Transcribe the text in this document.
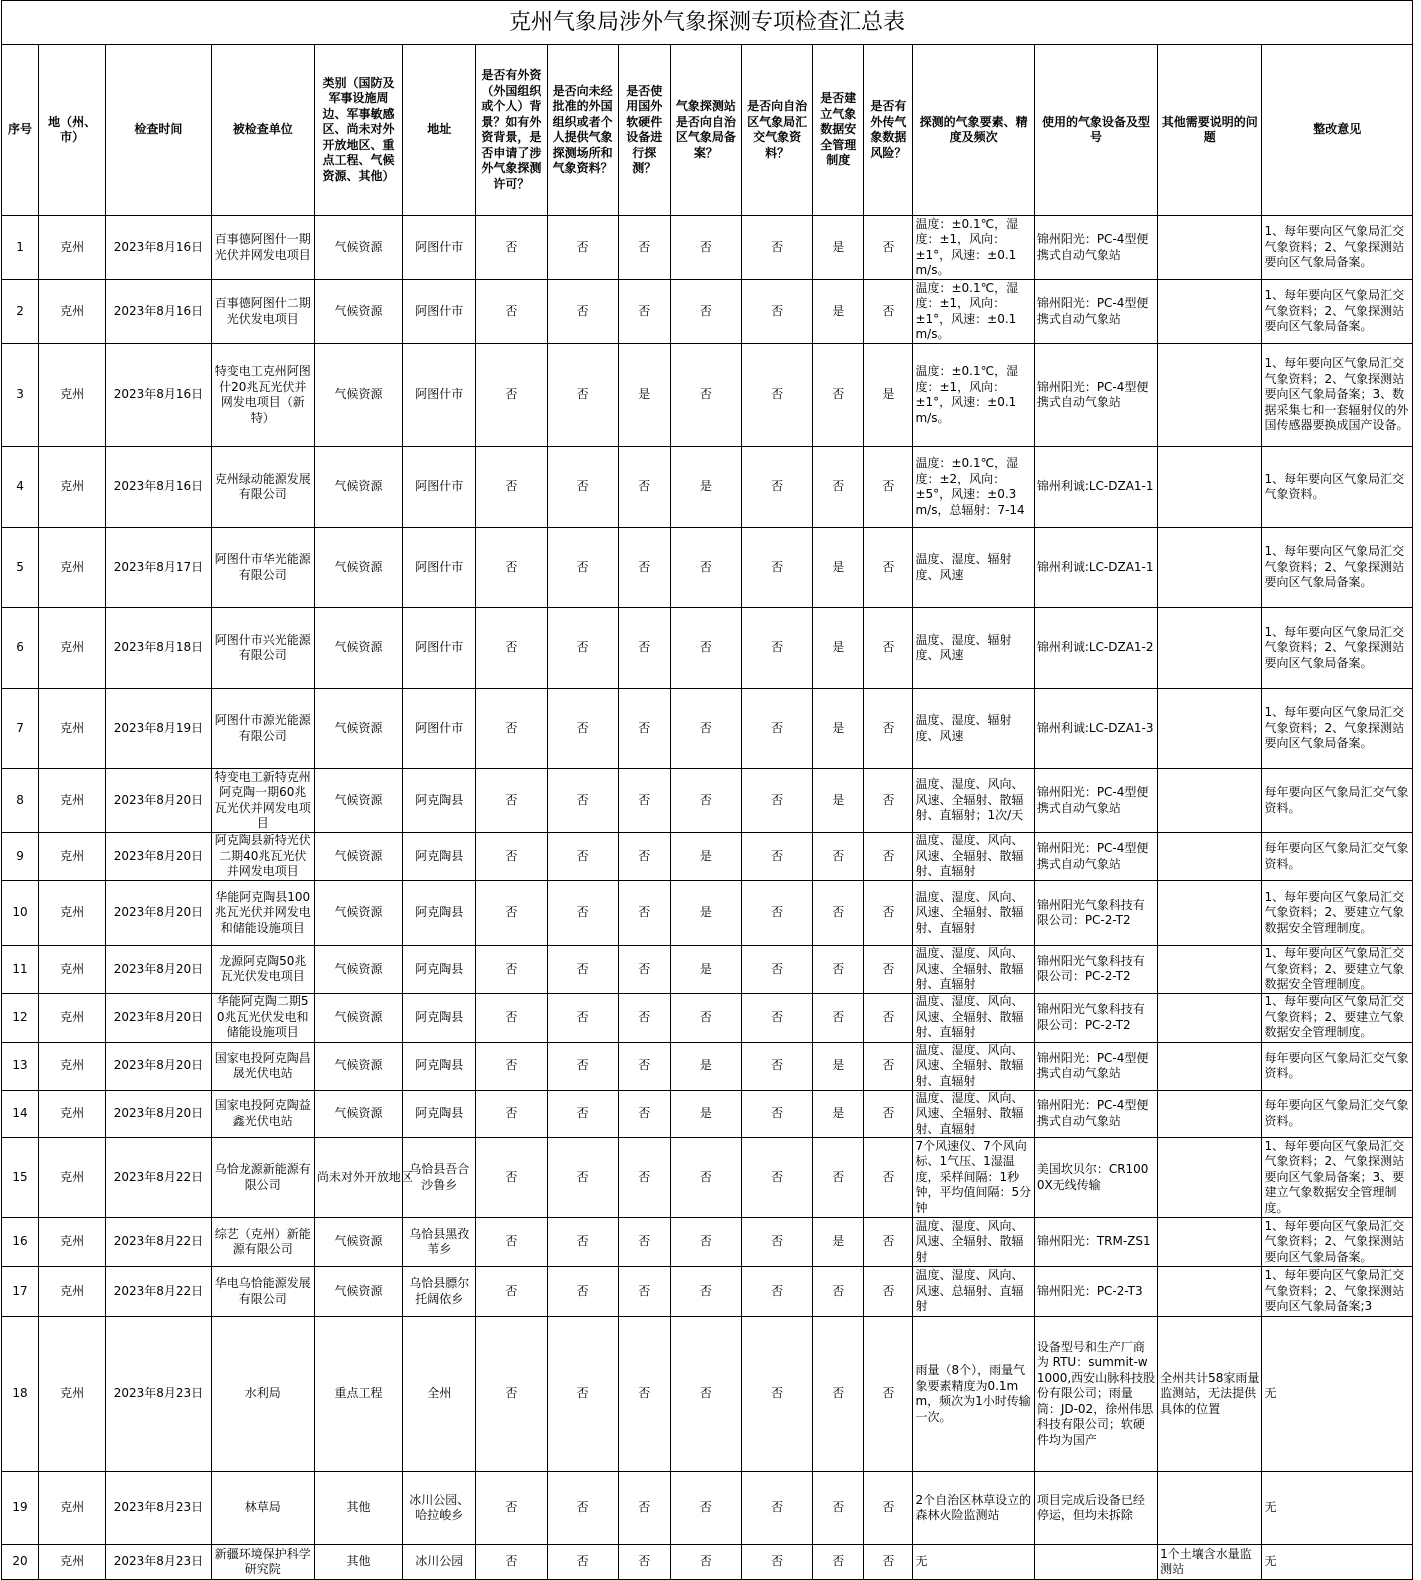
克州气象局涉外气象探测专项检查汇总表
序号	地（州、市）	检查时间	被检查单位	类别（国防及军事设施周边、军事敏感区、尚未对外开放地区、重点工程、气候资源、其他）	地址	是否有外资（外国组织或个人）背景？如有外资背景，是否申请了涉外气象探测许可？	是否向未经批准的外国组织或者个人提供气象探测场所和气象资料？	是否使用国外软硬件设备进行探测？	气象探测站是否向自治区气象局备案？	是否向自治区气象局汇交气象资料？	是否建立气象数据安全管理制度	是否有外传气象数据风险？	探测的气象要素、精度及频次	使用的气象设备及型号	其他需要说明的问题	整改意见
1	克州	2023年8月16日	百事德阿图什一期光伏并网发电项目	气候资源	阿图什市	否	否	否	否	否	是	否	温度：±0.1℃，湿度：±1，风向：±1°，风速：±0.1m/s。	锦州阳光：PC-4型便携式自动气象站		1、每年要向区气象局汇交气象资料；2、气象探测站要向区气象局备案。
2	克州	2023年8月16日	百事德阿图什二期光伏发电项目	气候资源	阿图什市	否	否	否	否	否	是	否	温度：±0.1℃，湿度：±1，风向：±1°，风速：±0.1m/s。	锦州阳光：PC-4型便携式自动气象站		1、每年要向区气象局汇交气象资料；2、气象探测站要向区气象局备案。
3	克州	2023年8月16日	特变电工克州阿图什20兆瓦光伏并网发电项目（新特）	气候资源	阿图什市	否	否	是	否	否	否	是	温度：±0.1℃，湿度：±1，风向：±1°，风速：±0.1m/s。	锦州阳光：PC-4型便携式自动气象站		1、每年要向区气象局汇交气象资料；2、气象探测站要向区气象局备案；3、数据采集七和一套辐射仪的外国传感器要换成国产设备。
4	克州	2023年8月16日	克州绿动能源发展有限公司	气候资源	阿图什市	否	否	否	是	否	否	否	温度：±0.1℃，湿度：±2，风向：±5°，风速：±0.3m/s，总辐射：7-14	锦州利诚:LC-DZA1-1		1、每年要向区气象局汇交气象资料。
5	克州	2023年8月17日	阿图什市华光能源有限公司	气候资源	阿图什市	否	否	否	否	否	是	否	温度、湿度、辐射度、风速	锦州利诚:LC-DZA1-1		1、每年要向区气象局汇交气象资料；2、气象探测站要向区气象局备案。
6	克州	2023年8月18日	阿图什市兴光能源有限公司	气候资源	阿图什市	否	否	否	否	否	是	否	温度、湿度、辐射度、风速	锦州利诚:LC-DZA1-2		1、每年要向区气象局汇交气象资料；2、气象探测站要向区气象局备案。
7	克州	2023年8月19日	阿图什市源光能源有限公司	气候资源	阿图什市	否	否	否	否	否	是	否	温度、湿度、辐射度、风速	锦州利诚:LC-DZA1-3		1、每年要向区气象局汇交气象资料；2、气象探测站要向区气象局备案。
8	克州	2023年8月20日	特变电工新特克州阿克陶一期60兆瓦光伏并网发电项目	气候资源	阿克陶县	否	否	否	否	否	是	否	温度、湿度、风向、风速、全辐射、散辐射、直辐射；1次/天	锦州阳光：PC-4型便携式自动气象站		每年要向区气象局汇交气象资料。
9	克州	2023年8月20日	阿克陶县新特光伏二期40兆瓦光伏并网发电项目	气候资源	阿克陶县	否	否	否	是	否	否	否	温度、湿度、风向、风速、全辐射、散辐射、直辐射	锦州阳光：PC-4型便携式自动气象站		每年要向区气象局汇交气象资料。
10	克州	2023年8月20日	华能阿克陶县100兆瓦光伏并网发电和储能设施项目	气候资源	阿克陶县	否	否	否	是	否	否	否	温度、湿度、风向、风速、全辐射、散辐射、直辐射	锦州阳光气象科技有限公司：PC-2-T2		1、每年要向区气象局汇交气象资料；2、要建立气象数据安全管理制度。
11	克州	2023年8月20日	龙源阿克陶50兆瓦光伏发电项目	气候资源	阿克陶县	否	否	否	是	否	否	否	温度、湿度、风向、风速、全辐射、散辐射、直辐射	锦州阳光气象科技有限公司：PC-2-T2		1、每年要向区气象局汇交气象资料；2、要建立气象数据安全管理制度。
12	克州	2023年8月20日	华能阿克陶二期50兆瓦光伏发电和储能设施项目	气候资源	阿克陶县	否	否	否	否	否	否	否	温度、湿度、风向、风速、全辐射、散辐射、直辐射	锦州阳光气象科技有限公司：PC-2-T2		1、每年要向区气象局汇交气象资料；2、要建立气象数据安全管理制度。
13	克州	2023年8月20日	国家电投阿克陶昌晟光伏电站	气候资源	阿克陶县	否	否	否	是	否	是	否	温度、湿度、风向、风速、全辐射、散辐射、直辐射	锦州阳光：PC-4型便携式自动气象站		每年要向区气象局汇交气象资料。
14	克州	2023年8月20日	国家电投阿克陶益鑫光伏电站	气候资源	阿克陶县	否	否	否	是	否	是	否	温度、湿度、风向、风速、全辐射、散辐射、直辐射	锦州阳光：PC-4型便携式自动气象站		每年要向区气象局汇交气象资料。
15	克州	2023年8月22日	乌恰龙源新能源有限公司	尚未对外开放地区	乌恰县吾合沙鲁乡	否	否	否	否	否	否	否	7个风速仪、7个风向标、1气压、1湿温度，采样间隔：1秒钟，平均值间隔：5分钟	美国坎贝尔：CR1000X无线传输		1、每年要向区气象局汇交气象资料；2、气象探测站要向区气象局备案；3、要建立气象数据安全管理制度。
16	克州	2023年8月22日	综艺（克州）新能源有限公司	气候资源	乌恰县黑孜苇乡	否	否	否	否	否	是	否	温度、湿度、风向、风速、全辐射、散辐射	锦州阳光：TRM-ZS1		1、每年要向区气象局汇交气象资料；2、气象探测站要向区气象局备案。
17	克州	2023年8月22日	华电乌恰能源发展有限公司	气候资源	乌恰县膘尔托阔依乡	否	否	否	否	否	否	否	温度、湿度、风向、风速、总辐射、直辐射	锦州阳光：PC-2-T3		1、每年要向区气象局汇交气象资料；2、气象探测站要向区气象局备案;3
18	克州	2023年8月23日	水利局	重点工程	全州	否	否	否	否	否	否	否	雨量（8个），雨量气象要素精度为0.1mm，频次为1小时传输一次。	设备型号和生产厂商为 RTU：summit-w1000,西安山脉科技股份有限公司；雨量筒：JD-02，徐州伟思科技有限公司；软硬件均为国产	全州共计58家雨量监测站，无法提供具体的位置	无
19	克州	2023年8月23日	林草局	其他	冰川公园、哈拉峻乡	否	否	否	否	否	否	否	2个自治区林草设立的森林火险监测站	项目完成后设备已经停运，但均未拆除		无
20	克州	2023年8月23日	新疆环境保护科学研究院	其他	冰川公园	否	否	否	否	否	否	否	无		1个土壤含水量监测站	无
